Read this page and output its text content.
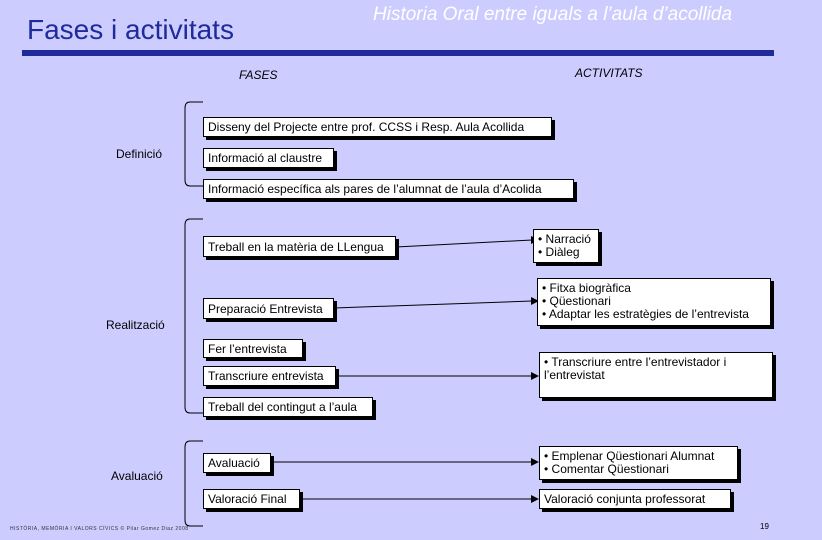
Fases i activitats	Historia Oral entre iguals a l’aula d’acollida
FASES	ACTIVITATS
Definició
Realització
Avaluació
Disseny del Projecte entre prof. CCSS i Resp. Aula Acollida
Informació al claustre
Informació específica als pares de l’alumnat de l’aula d’Acolida
Treball en la matèria de LLengua
Preparació Entrevista
Fer l’entrevista
Transcriure entrevista
Treball del contingut a l’aula
• Narració
• Diàleg
• Fitxa biogràfica
• Qüestionari
• Adaptar les estratègies de l’entrevista
• Transcriure entre l’entrevistador i l’entrevistat
Avaluació
Valoració Final
• Emplenar Qüestionari Alumnat
• Comentar Qüestionari
Valoració conjunta professorat
HISTÒRIA, MEMÒRIA I VALORS CÍVICS © Pilar Gomez Diaz 2008	19
